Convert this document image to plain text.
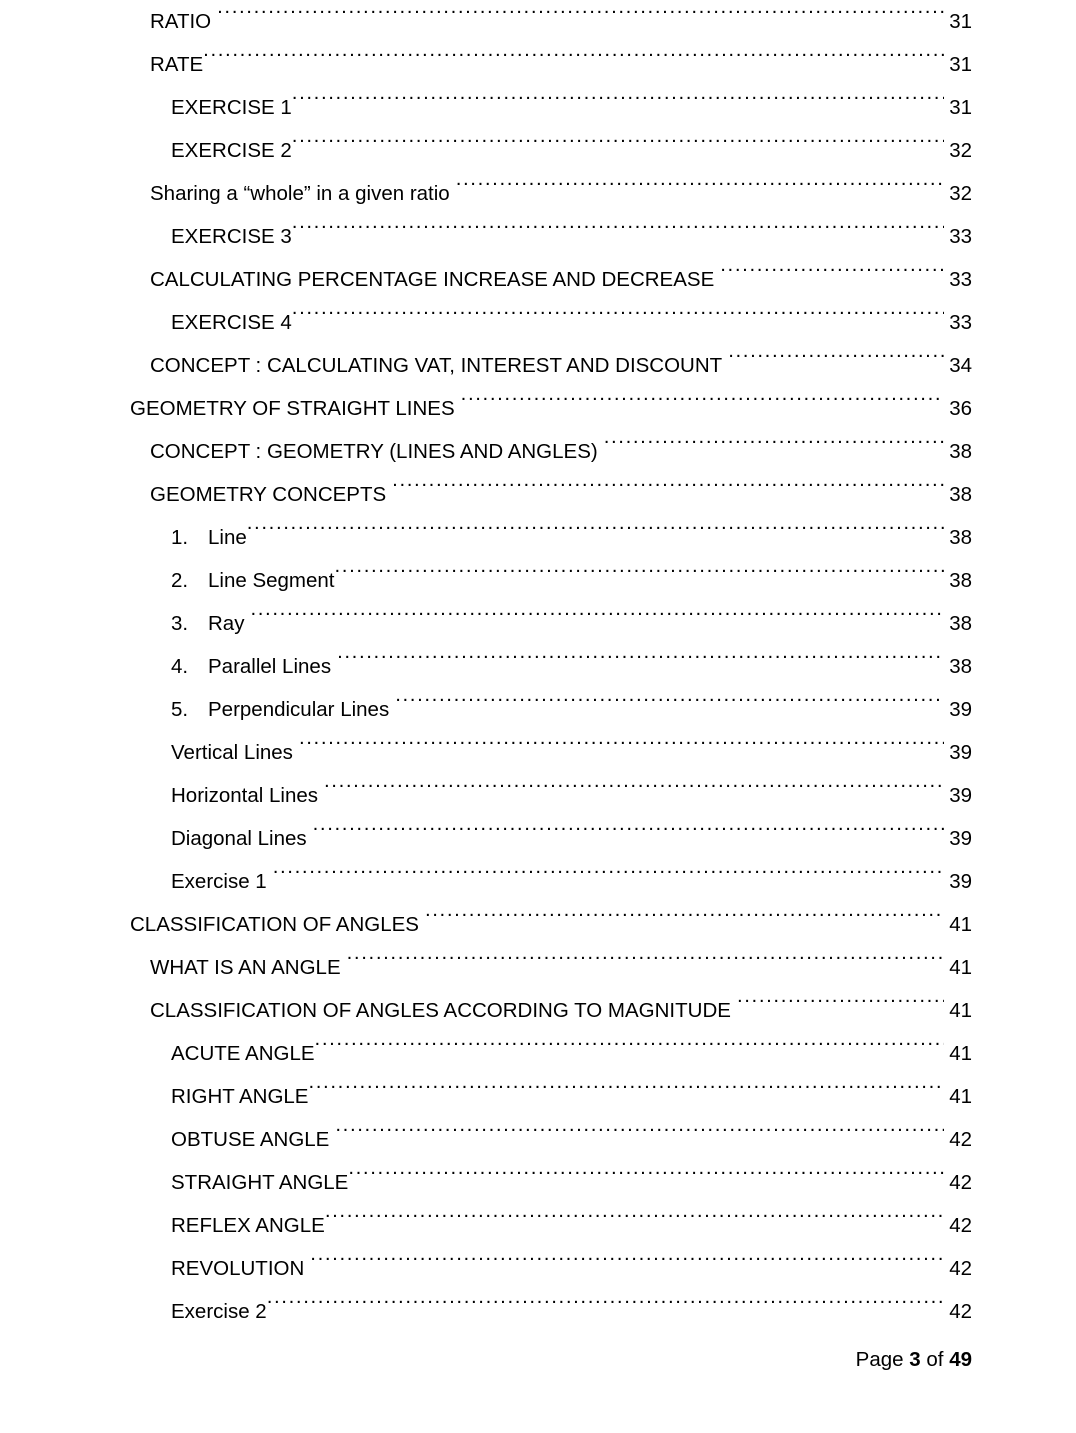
RATIO .....	31
RATE .....	31
EXERCISE 1 .....	31
EXERCISE 2 .....	32
Sharing a “whole” in a given ratio .....	32
EXERCISE 3 .....	33
CALCULATING PERCENTAGE INCREASE AND DECREASE .....	33
EXERCISE 4 .....	33
CONCEPT : CALCULATING VAT, INTEREST AND DISCOUNT .....	34
GEOMETRY OF STRAIGHT LINES .....	36
CONCEPT : GEOMETRY (LINES AND ANGLES) .....	38
GEOMETRY CONCEPTS .....	38
1. Line .....	38
2. Line Segment .....	38
3. Ray .....	38
4. Parallel Lines .....	38
5. Perpendicular Lines .....	39
Vertical Lines .....	39
Horizontal Lines .....	39
Diagonal Lines .....	39
Exercise 1 .....	39
CLASSIFICATION OF ANGLES .....	41
WHAT IS AN ANGLE .....	41
CLASSIFICATION OF ANGLES ACCORDING TO MAGNITUDE .....	41
ACUTE ANGLE .....	41
RIGHT ANGLE .....	41
OBTUSE ANGLE .....	42
STRAIGHT ANGLE .....	42
REFLEX ANGLE .....	42
REVOLUTION .....	42
Exercise 2 .....	42
Page 3 of 49
